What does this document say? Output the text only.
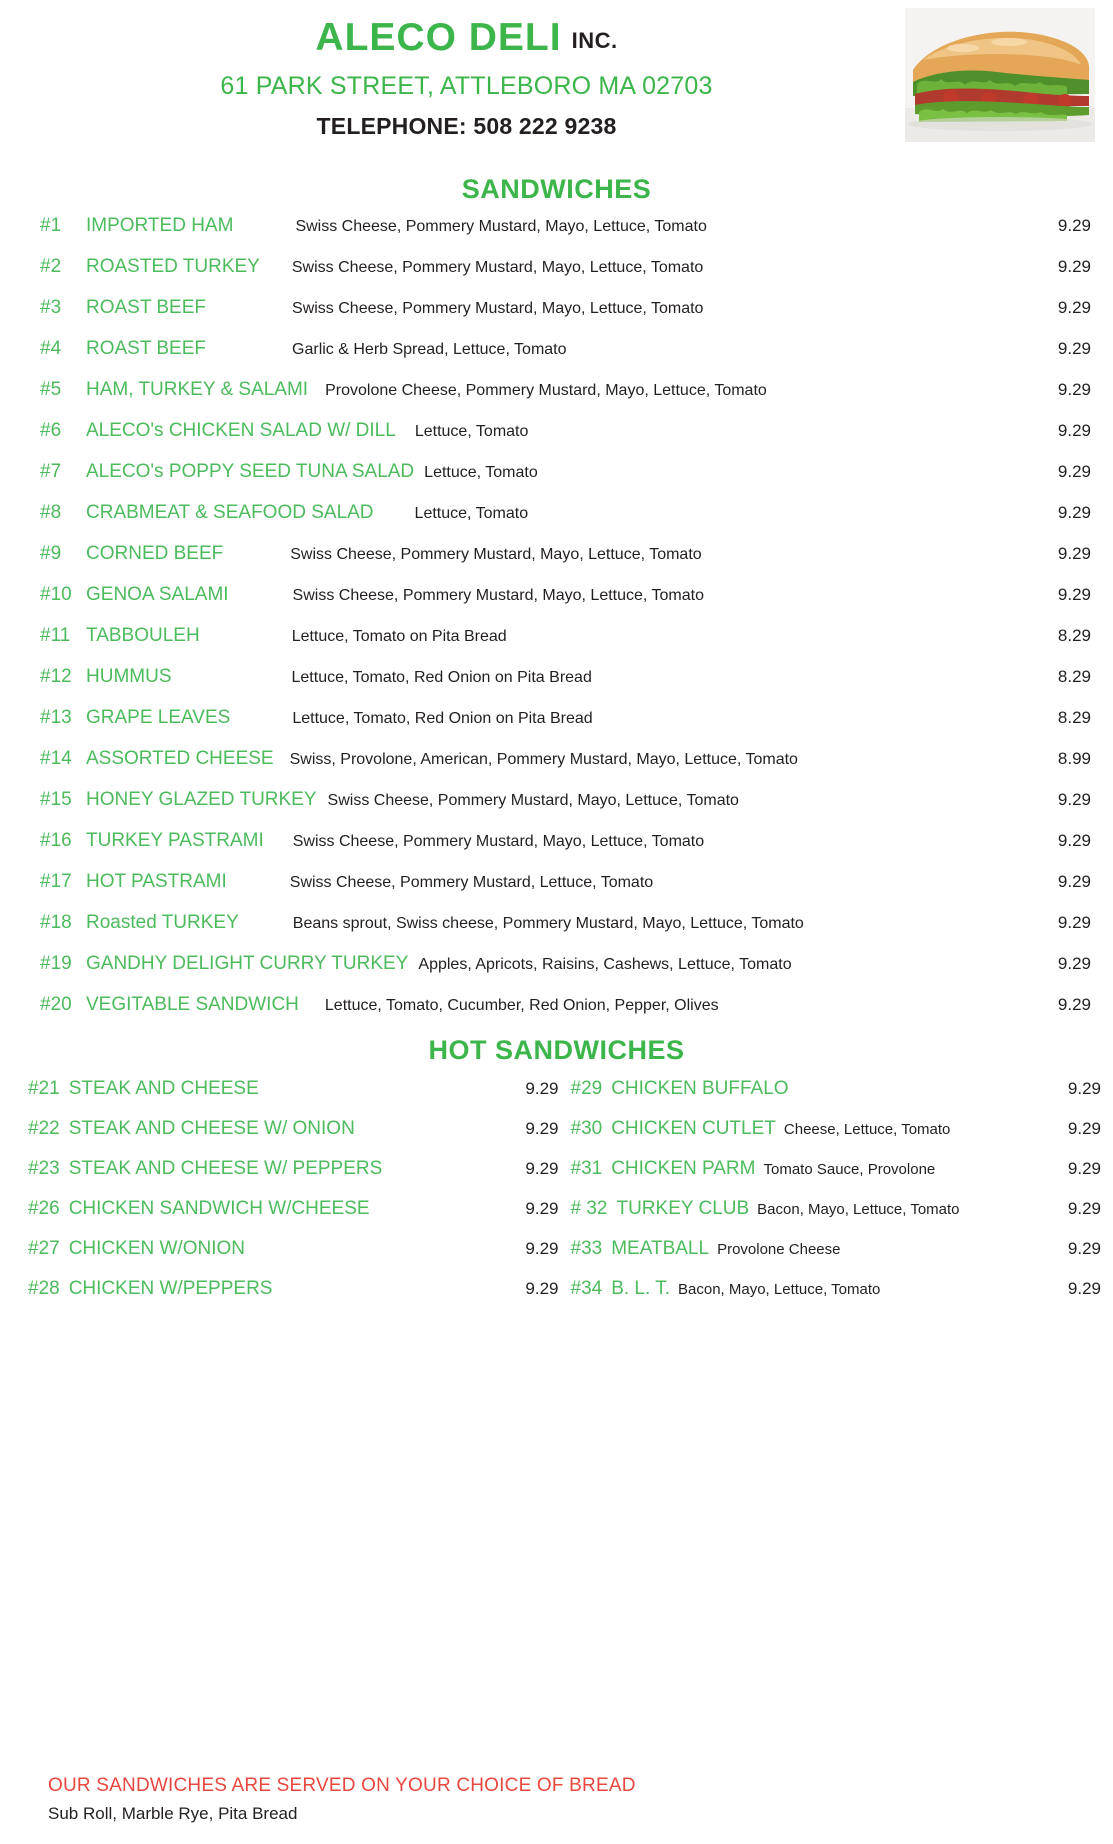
ALECO DELI INC.
61 PARK STREET, ATTLEBORO MA 02703
TELEPHONE: 508 222 9238
SANDWICHES
#1	IMPORTED HAM	Swiss Cheese, Pommery Mustard, Mayo, Lettuce, Tomato	9.29
#2	ROASTED TURKEY Swiss Cheese, Pommery Mustard, Mayo, Lettuce, Tomato	9.29
#3	ROAST BEEF	Swiss Cheese, Pommery Mustard, Mayo, Lettuce, Tomato	9.29
#4	ROAST BEEF	Garlic & Herb Spread, Lettuce, Tomato	9.29
#5	HAM, TURKEY & SALAMI Provolone Cheese, Pommery Mustard, Mayo, Lettuce, Tomato	9.29
#6	ALECO's CHICKEN SALAD W/ DILL Lettuce, Tomato	9.29
#7	ALECO's POPPY SEED TUNA SALAD Lettuce, Tomato	9.29
#8	CRABMEAT & SEAFOOD SALAD	Lettuce, Tomato	9.29
#9	CORNED BEEF	Swiss Cheese, Pommery Mustard, Mayo, Lettuce, Tomato	9.29
#10 GENOA SALAMI	Swiss Cheese, Pommery Mustard, Mayo, Lettuce, Tomato	9.29
#11 TABBOULEH	Lettuce, Tomato on Pita Bread	8.29
#12 HUMMUS	Lettuce, Tomato, Red Onion on Pita Bread	8.29
#13 GRAPE LEAVES	Lettuce, Tomato, Red Onion on Pita Bread	8.29
#14 ASSORTED CHEESE Swiss, Provolone, American, Pommery Mustard, Mayo, Lettuce, Tomato	8.99
#15 HONEY GLAZED TURKEY Swiss Cheese, Pommery Mustard, Mayo, Lettuce, Tomato	9.29
#16 TURKEY PASTRAMI Swiss Cheese, Pommery Mustard, Mayo, Lettuce, Tomato	9.29
#17 HOT PASTRAMI	Swiss Cheese, Pommery Mustard, Lettuce, Tomato	9.29
#18 Roasted TURKEY	Beans sprout, Swiss cheese, Pommery Mustard, Mayo, Lettuce, Tomato	9.29
#19 GANDHY DELIGHT CURRY TURKEY Apples, Apricots, Raisins, Cashews, Lettuce, Tomato	9.29
#20 VEGITABLE SANDWICH Lettuce, Tomato, Cucumber, Red Onion, Pepper, Olives	9.29
HOT SANDWICHES
#21 STEAK AND CHEESE	9.29
#22 STEAK AND CHEESE W/ ONION	9.29
#23 STEAK AND CHEESE W/ PEPPERS	9.29
#26 CHICKEN SANDWICH W/CHEESE	9.29
#27 CHICKEN W/ONION	9.29
#28 CHICKEN W/PEPPERS	9.29
#29 CHICKEN BUFFALO	9.29
#30 CHICKEN CUTLET Cheese, Lettuce, Tomato	9.29
#31 CHICKEN PARM Tomato Sauce, Provolone	9.29
# 32 TURKEY CLUB Bacon, Mayo, Lettuce, Tomato	9.29
#33 MEATBALL Provolone Cheese	9.29
#34 B. L. T. Bacon, Mayo, Lettuce, Tomato	9.29
OUR SANDWICHES ARE SERVED ON YOUR CHOICE OF BREAD
Sub Roll, Marble Rye, Pita Bread
